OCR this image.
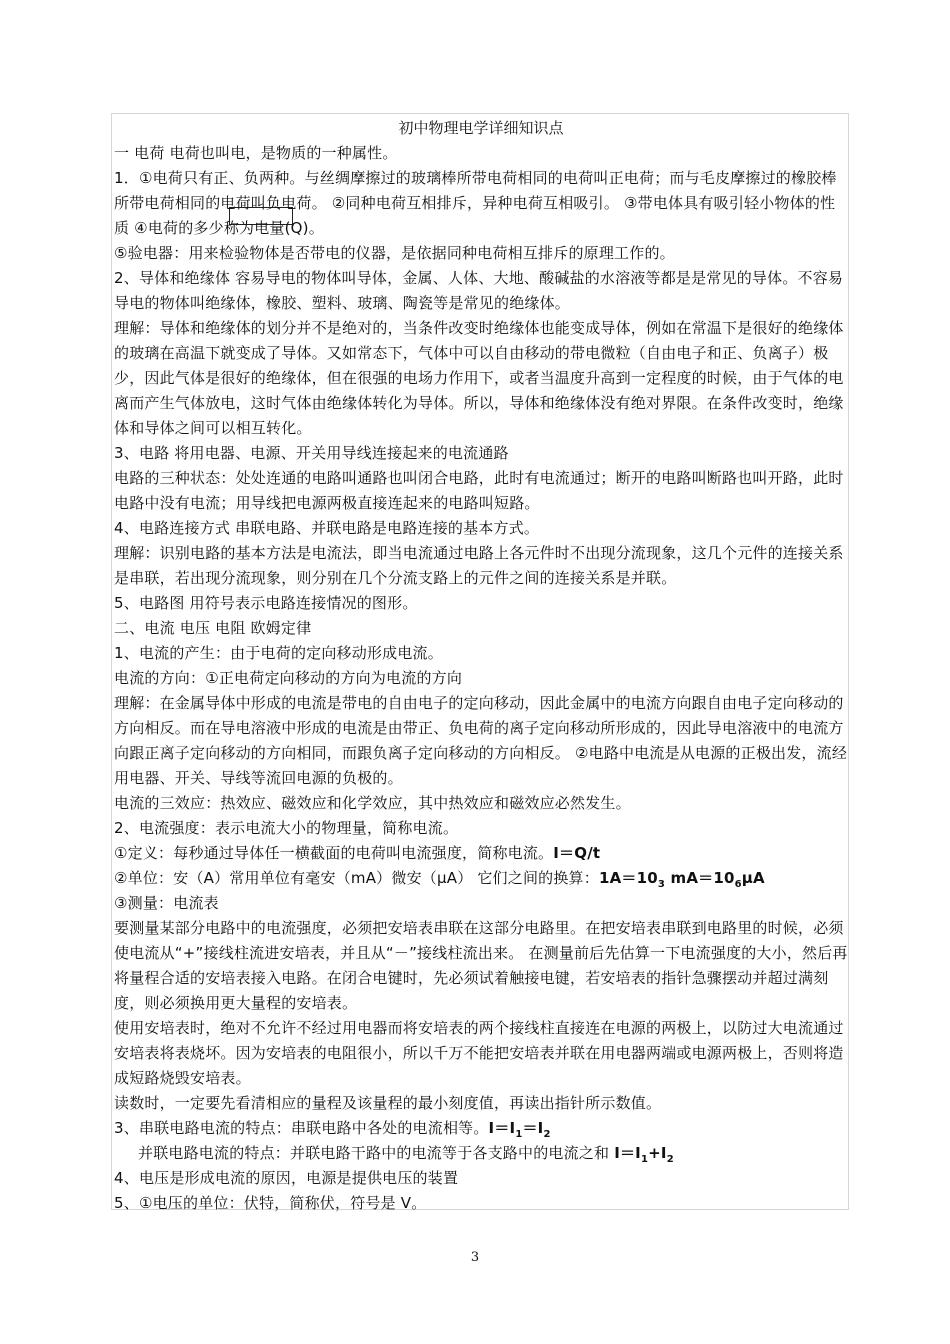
初中物理电学详细知识点

一 电荷 电荷也叫电，是物质的一种属性。

1．①电荷只有正、负两种。与丝绸摩擦过的玻璃棒所带电荷相同的电荷叫正电荷；而与毛皮摩擦过的橡胶棒所带电荷相同的电荷叫负电荷。 ②同种电荷互相排斥，异种电荷互相吸引。 ③带电体具有吸引轻小物体的性质 ④电荷的多少称为电量(Q)。

⑤验电器：用来检验物体是否带电的仪器，是依据同种电荷相互排斥的原理工作的。

2、导体和绝缘体 容易导电的物体叫导体，金属、人体、大地、酸碱盐的水溶液等都是是常见的导体。不容易导电的物体叫绝缘体，橡胶、塑料、玻璃、陶瓷等是常见的绝缘体。

理解：导体和绝缘体的划分并不是绝对的，当条件改变时绝缘体也能变成导体，例如在常温下是很好的绝缘体的玻璃在高温下就变成了导体。又如常态下，气体中可以自由移动的带电微粒（自由电子和正、负离子）极少，因此气体是很好的绝缘体，但在很强的电场力作用下，或者当温度升高到一定程度的时候，由于气体的电离而产生气体放电，这时气体由绝缘体转化为导体。所以，导体和绝缘体没有绝对界限。在条件改变时，绝缘体和导体之间可以相互转化。

3、电路 将用电器、电源、开关用导线连接起来的电流通路

电路的三种状态：处处连通的电路叫通路也叫闭合电路，此时有电流通过；断开的电路叫断路也叫开路，此时电路中没有电流；用导线把电源两极直接连起来的电路叫短路。

4、电路连接方式 串联电路、并联电路是电路连接的基本方式。

理解：识别电路的基本方法是电流法，即当电流通过电路上各元件时不出现分流现象，这几个元件的连接关系是串联，若出现分流现象，则分别在几个分流支路上的元件之间的连接关系是并联。

5、电路图 用符号表示电路连接情况的图形。

二、电流 电压 电阻 欧姆定律

1、电流的产生：由于电荷的定向移动形成电流。

电流的方向：①正电荷定向移动的方向为电流的方向

理解：在金属导体中形成的电流是带电的自由电子的定向移动，因此金属中的电流方向跟自由电子定向移动的方向相反。而在导电溶液中形成的电流是由带正、负电荷的离子定向移动所形成的，因此导电溶液中的电流方向跟正离子定向移动的方向相同，而跟负离子定向移动的方向相反。 ②电路中电流是从电源的正极出发，流经用电器、开关、导线等流回电源的负极的。

电流的三效应：热效应、磁效应和化学效应，其中热效应和磁效应必然发生。

2、电流强度：表示电流大小的物理量，简称电流。

①定义：每秒通过导体任一横截面的电荷叫电流强度，简称电流。I＝Q/t

②单位：安（A）常用单位有毫安（mA）微安（μA） 它们之间的换算：$1A=10_3$ $mA=10_6\mu A$

③测量：电流表

要测量某部分电路中的电流强度，必须把安培表串联在这部分电路里。在把安培表串联到电路里的时候，必须使电流从“+”接线柱流进安培表，并且从“－”接线柱流出来。 在测量前后先估算一下电流强度的大小，然后再将量程合适的安培表接入电路。在闭合电键时，先必须试着触接电键，若安培表的指针急骤摆动并超过满刻度，则必须换用更大量程的安培表。

使用安培表时，绝对不允许不经过用电器而将安培表的两个接线柱直接连在电源的两极上，以防过大电流通过安培表将表烧坏。因为安培表的电阻很小，所以千万不能把安培表并联在用电器两端或电源两极上，否则将造成短路烧毁安培表。

读数时，一定要先看清相应的量程及该量程的最小刻度值，再读出指针所示数值。

3、串联电路电流的特点：串联电路中各处的电流相等。$I=I_1=I_2$

并联电路电流的特点：并联电路干路中的电流等于各支路中的电流之和 $I=I_1+I_2$

4、电压是形成电流的原因，电源是提供电压的装置

5、①电压的单位：伏特，简称伏，符号是 V。

3
